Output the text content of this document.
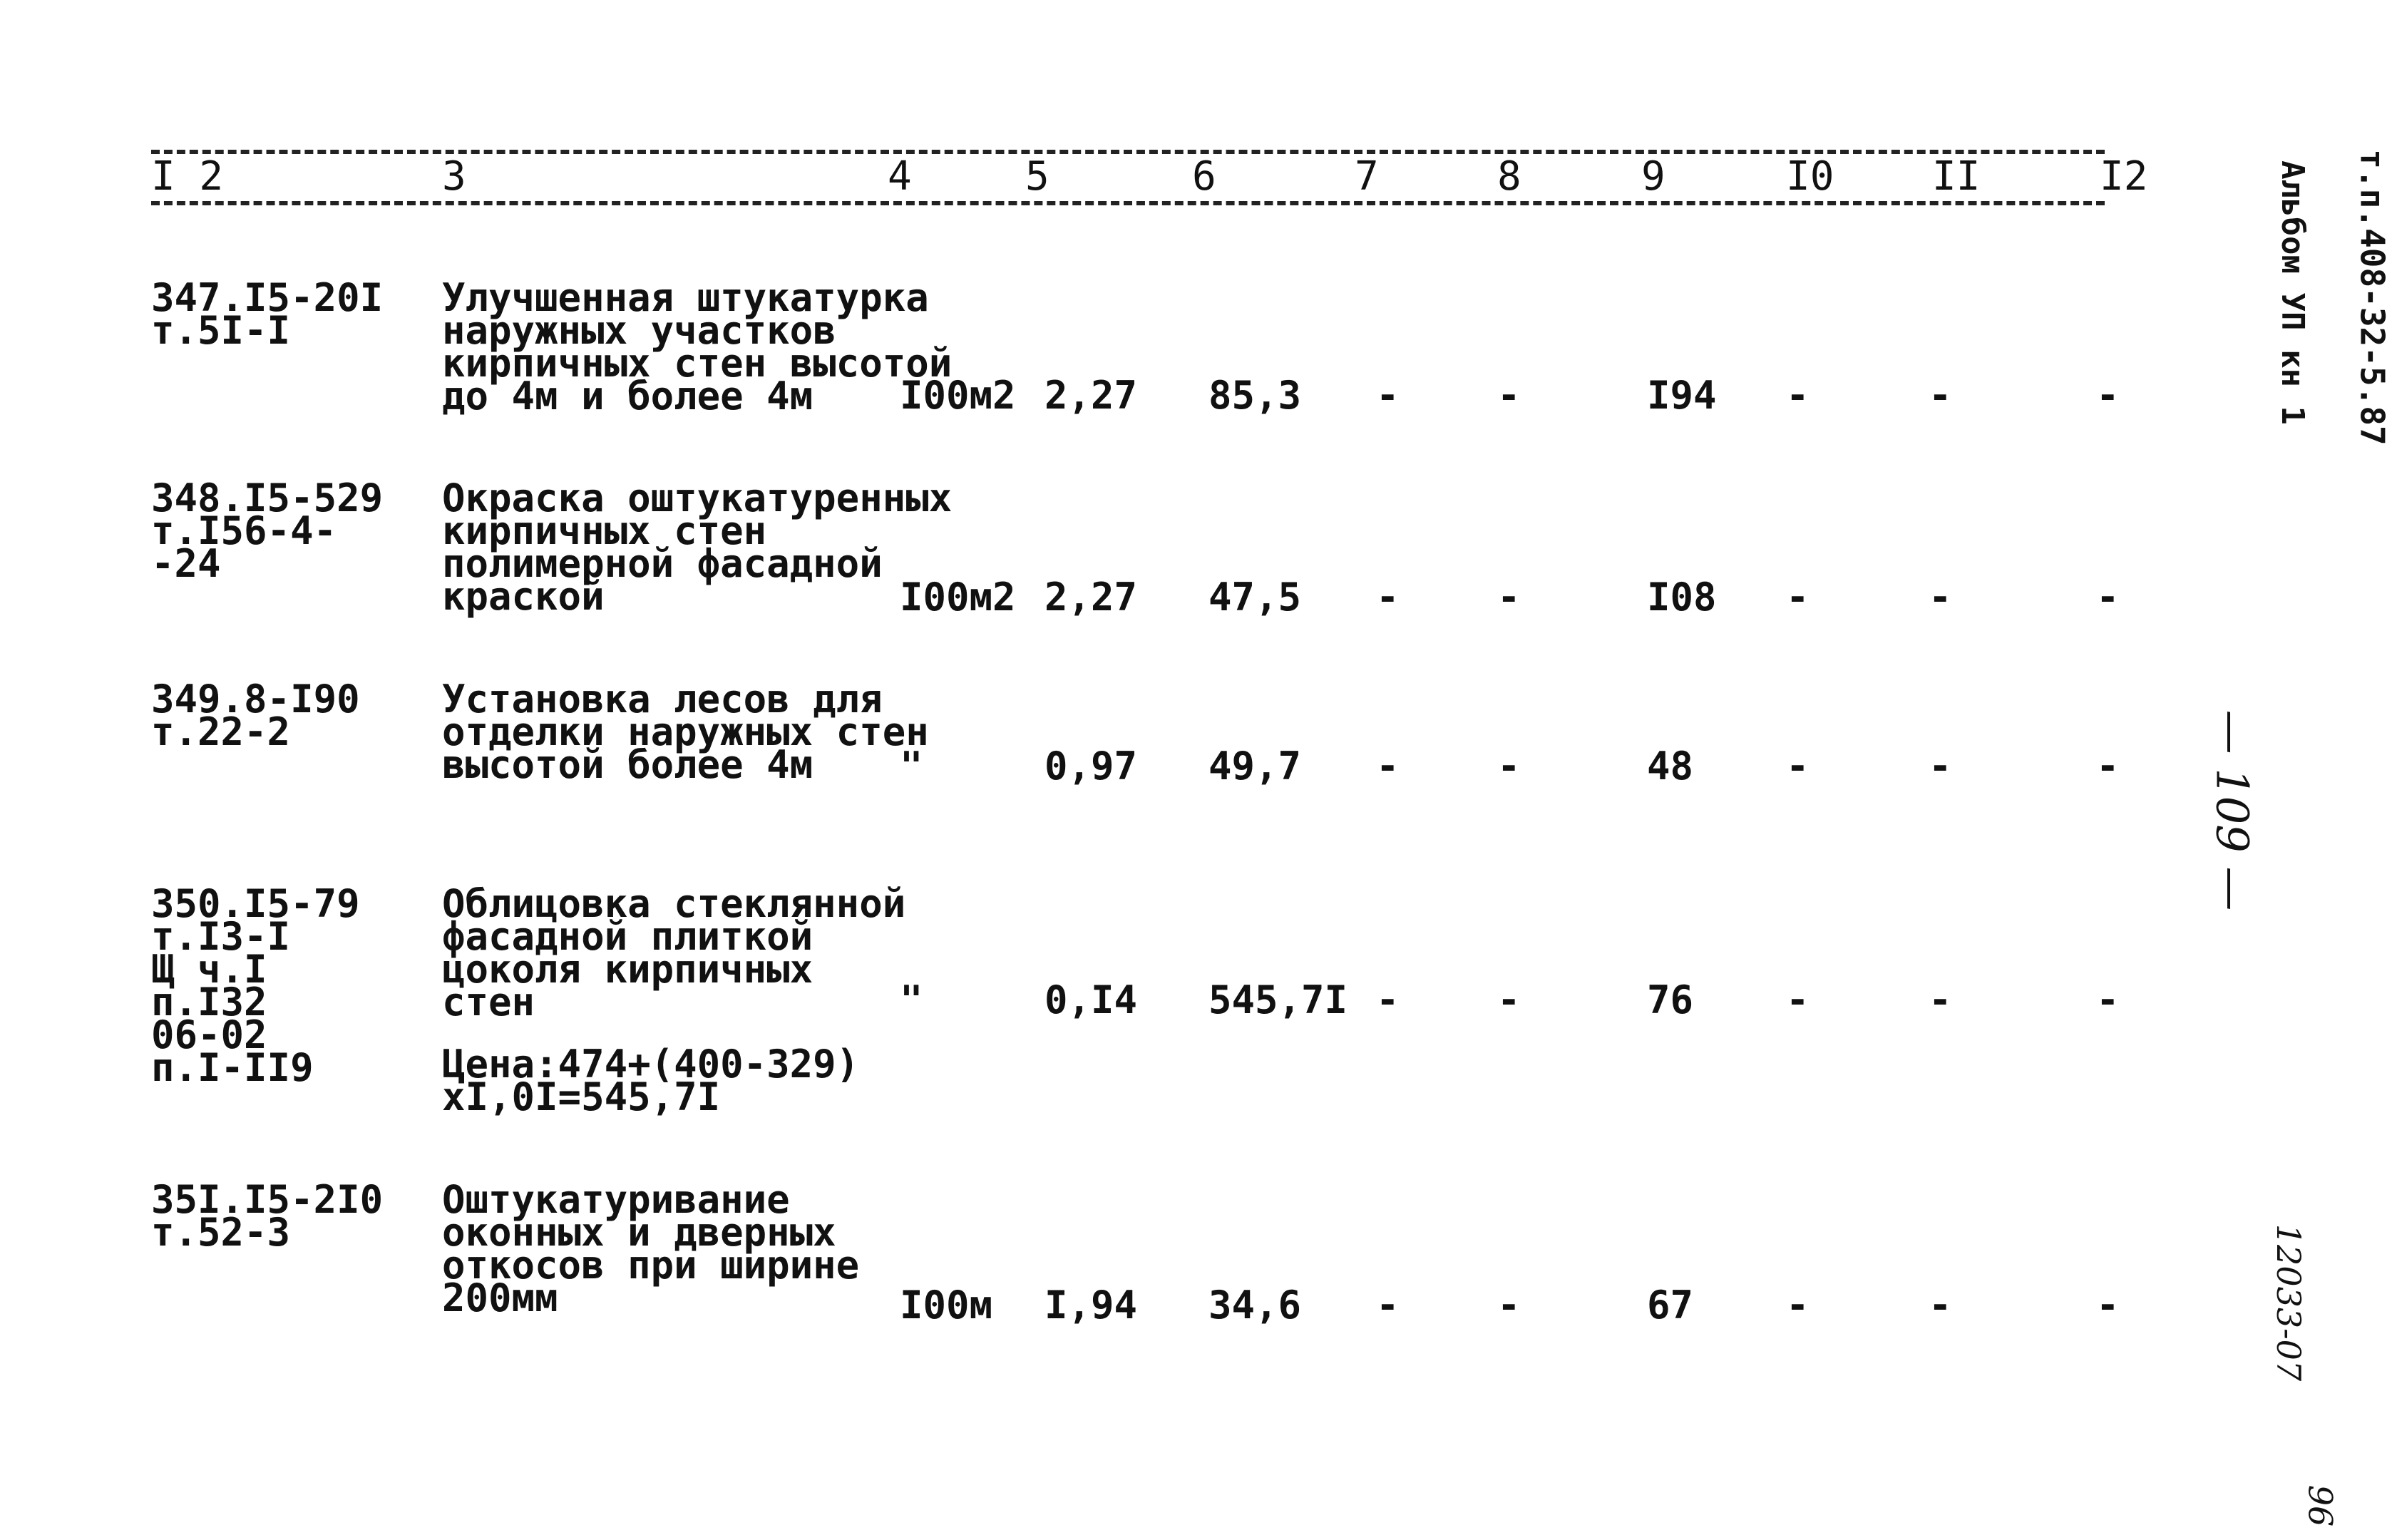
I 2	3	4	5	6	7	8	9	I0 II	I2
347.I5-20I
т.5I-I
Улучшенная штукатурка
наружных участков
кирпичных стен высотой
до 4м и более 4м	I00м2 2,27 85,3 -	-	I94 -	-	-
348.I5-529
т.I56-4-
-24
Окраска оштукатуренных
кирпичных стен
полимерной фасадной
краской	I00м2 2,27 47,5 -	-	I08 -	-	-
349.8-I90
т.22-2
Установка лесов для
отделки наружных стен
высотой более 4м	"	0,97 49,7 -	-	48 -	-	-
350.I5-79
т.I3-I
Щ ч.I
п.I32
06-02
п.I-II9
Облицовка стеклянной
фасадной плиткой
цоколя кирпичных
стен
Цена:474+(400-329)
xI,0I=545,7I
"	0,I4 545,7I -	-	76 -	-	-
35I.I5-2I0
т.52-3
Оштукатуривание
оконных и дверных
откосов при ширине
200мм	I00м I,94 34,6 -	-	67 -	-	-
т.п.408-32-5.87
Альбом УП кн 1
— 109 —
12033-07
96
